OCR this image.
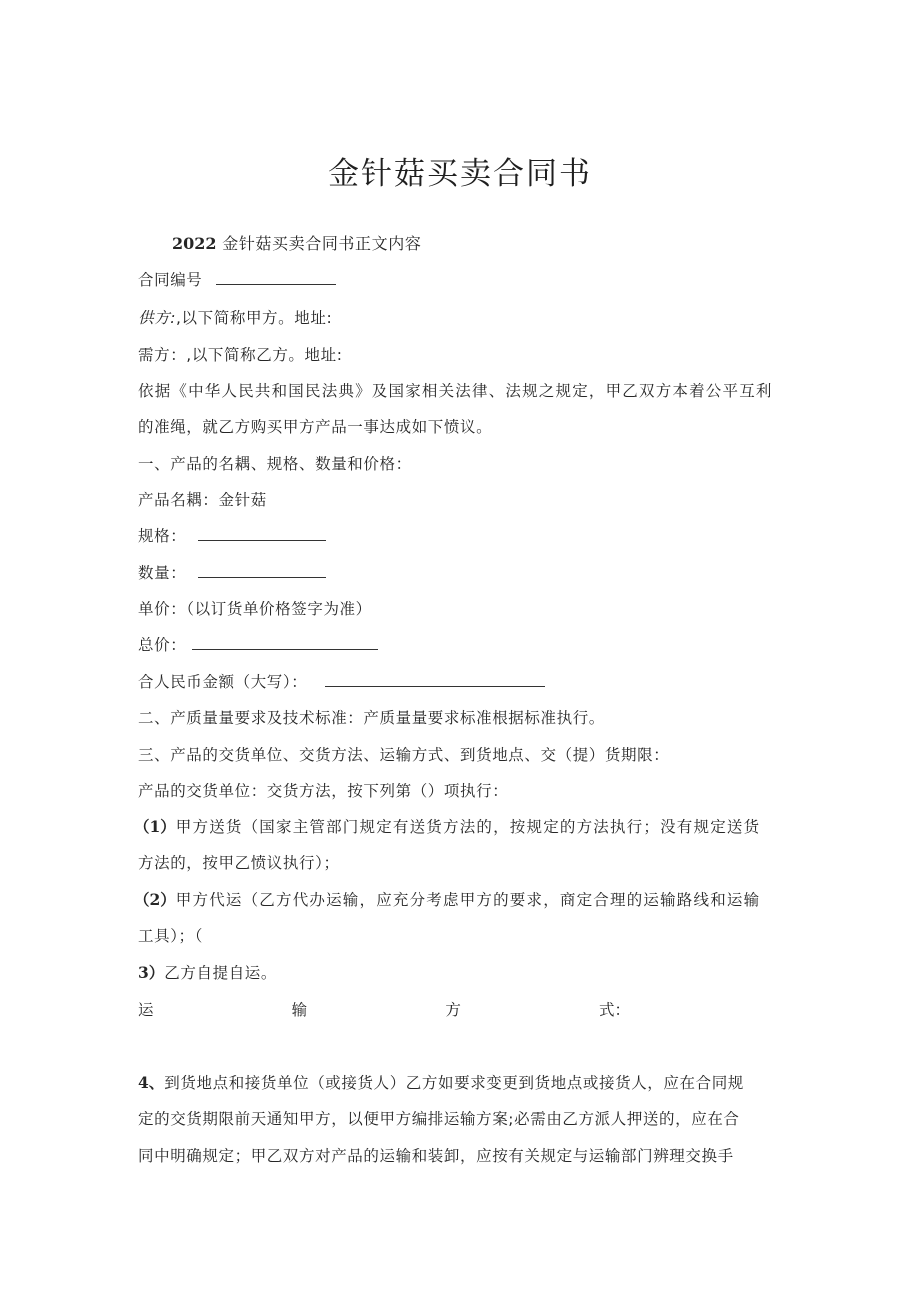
金针菇买卖合同书
2022 金针菇买卖合同书正文内容
合同编号
供方:,以下简称甲方。地址:
需方：,以下简称乙方。地址:
依据《中华人民共和国民法典》及国家相关法律、法规之规定，甲乙双方本着公平互利
的准绳，就乙方购买甲方产品一事达成如下愤议。
一、产品的名耦、规格、数量和价格：
产品名耦：金针菇
规格：
数量：
单价：（以订货单价格签字为准）
总价：
合人民币金额（大写）：
二、产质量量要求及技术标准：产质量量要求标准根据标准执行。
三、产品的交货单位、交货方法、运输方式、到货地点、交（提）货期限：
产品的交货单位：交货方法，按下列第（）项执行：
（1）甲方送货（国家主管部门规定有送货方法的，按规定的方法执行；没有规定送货
方法的，按甲乙愤议执行）；
（2）甲方代运（乙方代办运输，应充分考虑甲方的要求，商定合理的运输路线和运输
工具）；（
3）乙方自提自运。
运	输	方	式：
4、到货地点和接货单位（或接货人）乙方如要求变更到货地点或接货人，应在合同规
定的交货期限前天通知甲方，以便甲方编排运输方案;必需由乙方派人押送的，应在合
同中明确规定；甲乙双方对产品的运输和装卸，应按有关规定与运输部门辨理交换手
